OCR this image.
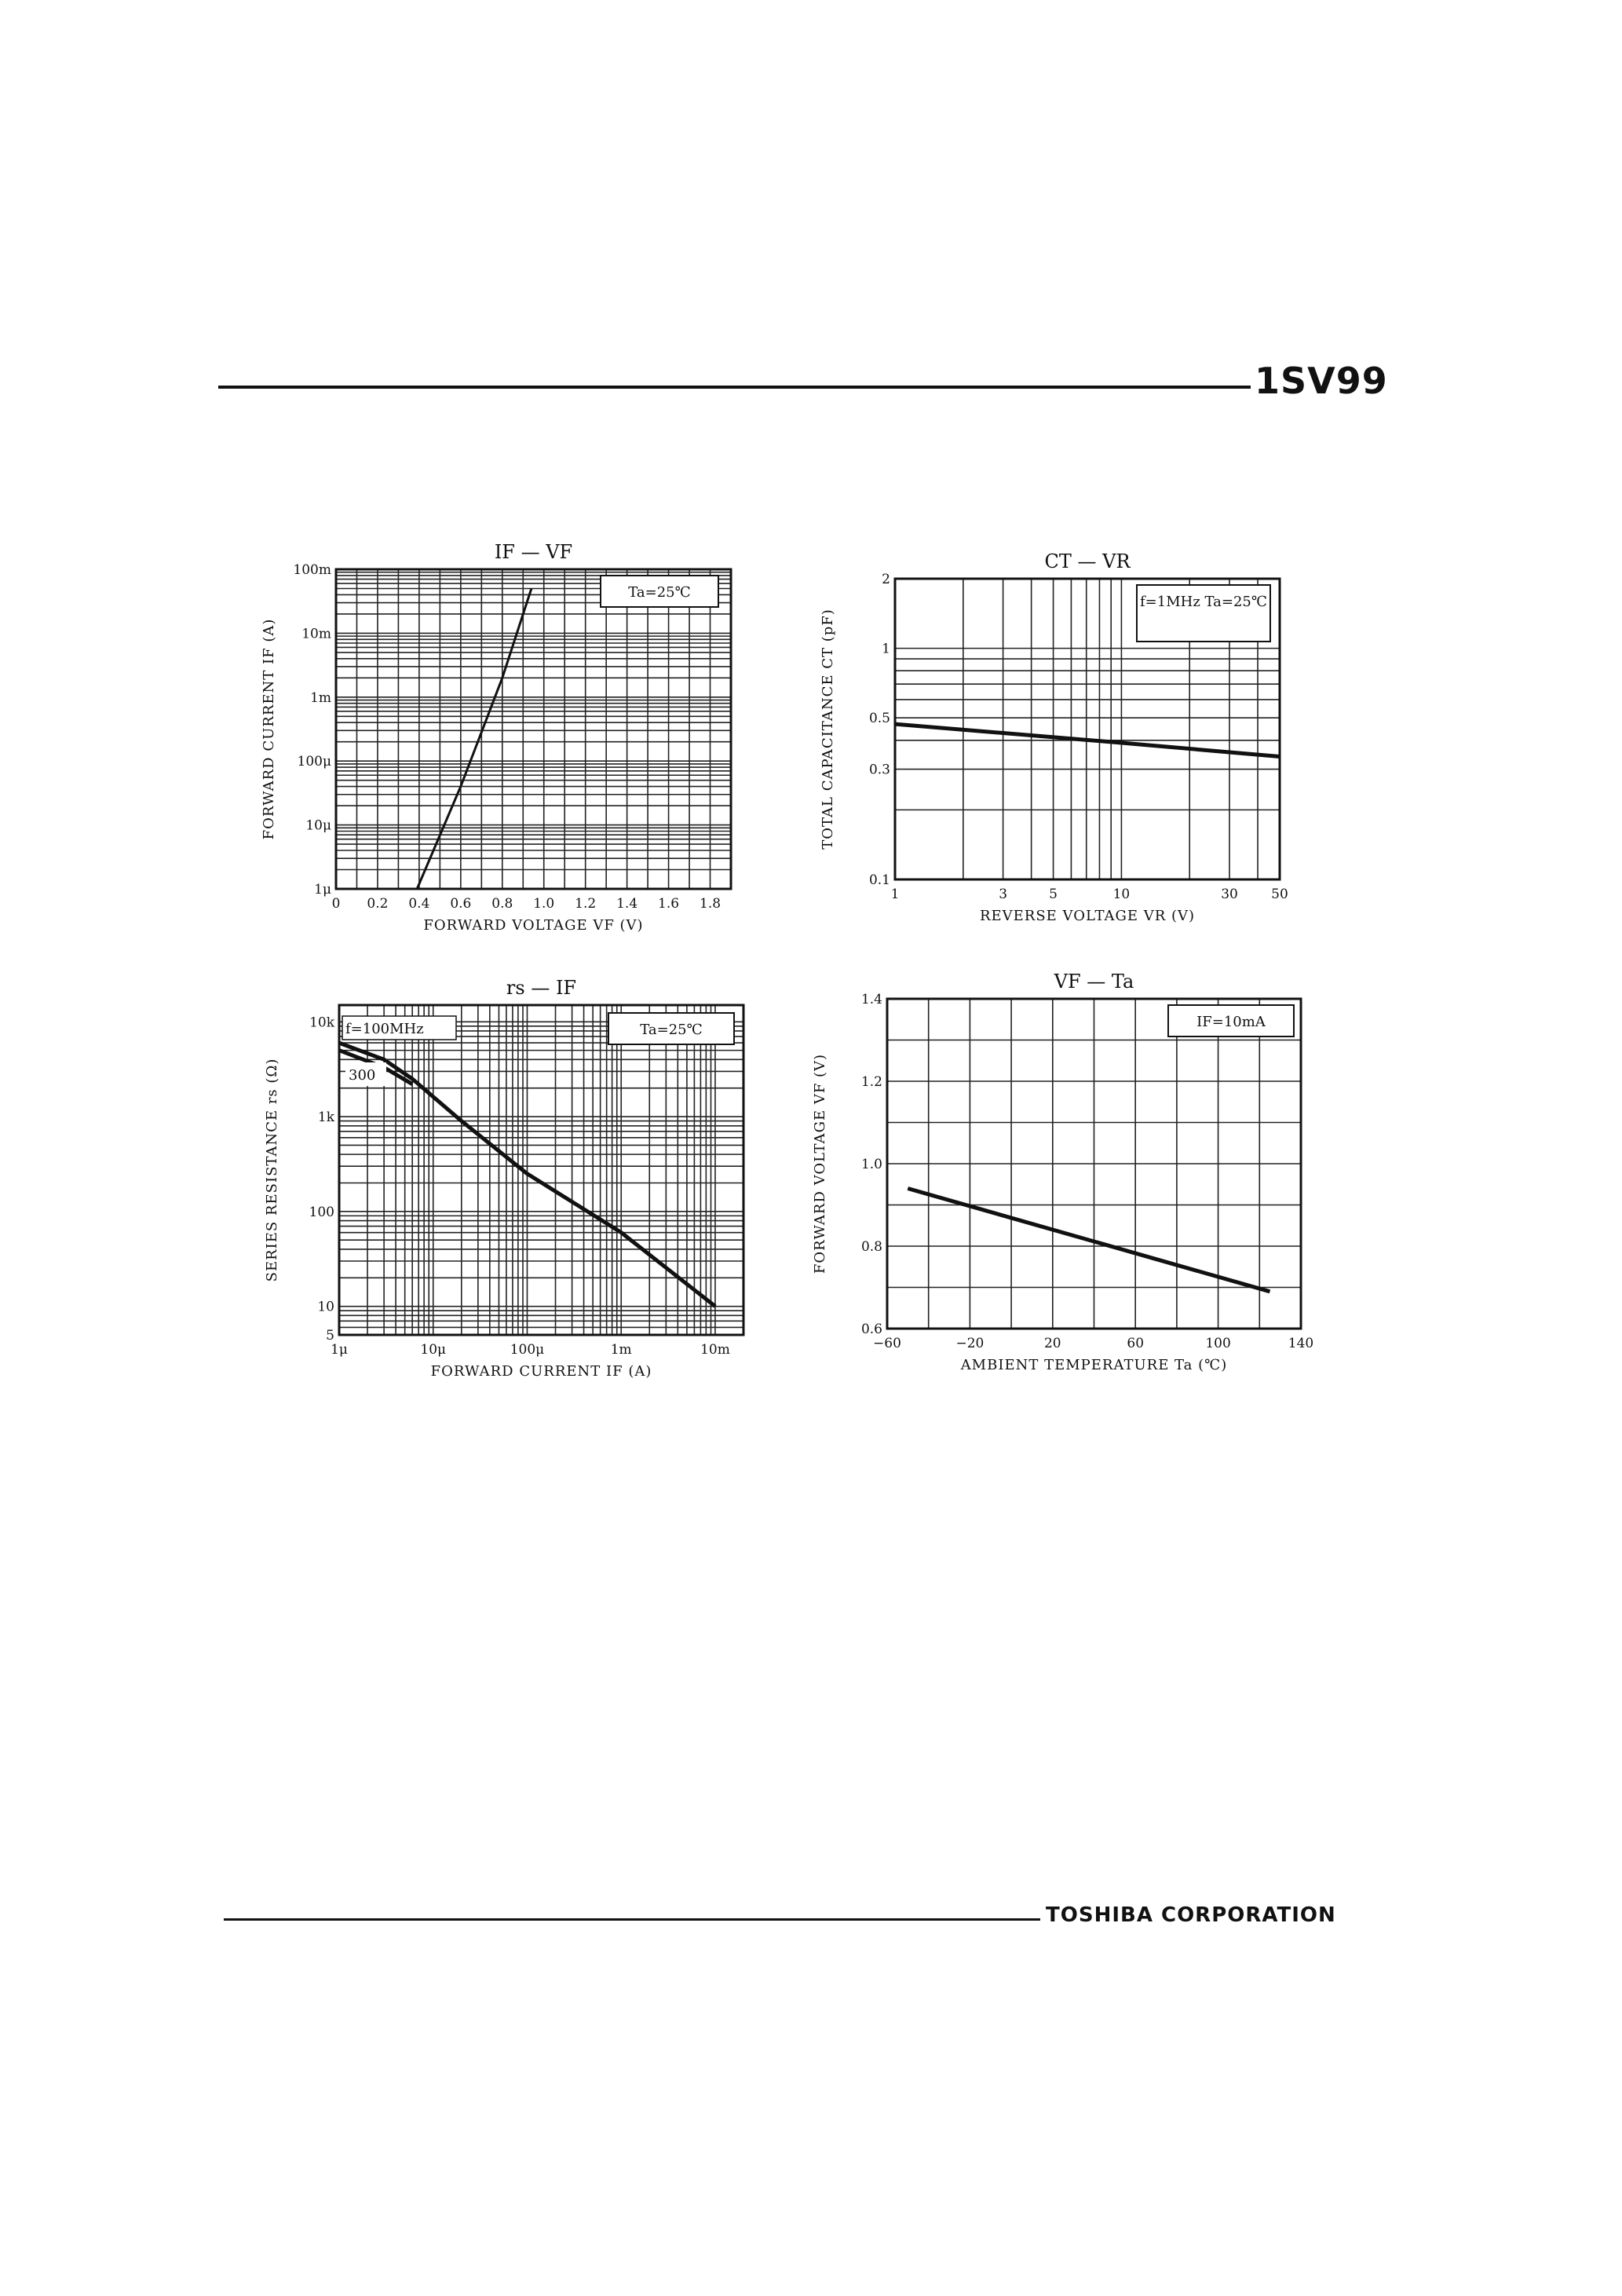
1SV99
Ta=25℃
0 0.2 0.4 0.6 0.8 1.0 1.2 1.4 1.6 1.8
1μ
10μ
100μ
1m
10m
100m
IF — VF
FORWARD VOLTAGE VF (V)
FORWARD CURRENT IF (A)
f=1MHz Ta=25℃
1	3	5	10	30 50
0.1
0.3
0.5
1
2
CT — VR
REVERSE VOLTAGE VR (V)
TOTAL CAPACITANCE CT (pF)
Ta=25℃
f=100MHz
300
1μ	10μ	100μ	1m	10m
5
10
100
1k
10k
rs — IF
FORWARD CURRENT IF (A)
SERIES RESISTANCE rs (Ω)
IF=10mA
−60	−20	20	60	100	140
0.6
0.8
1.0
1.2
1.4
VF — Ta
AMBIENT TEMPERATURE Ta (℃)
FORWARD VOLTAGE VF (V)
TOSHIBA CORPORATION
